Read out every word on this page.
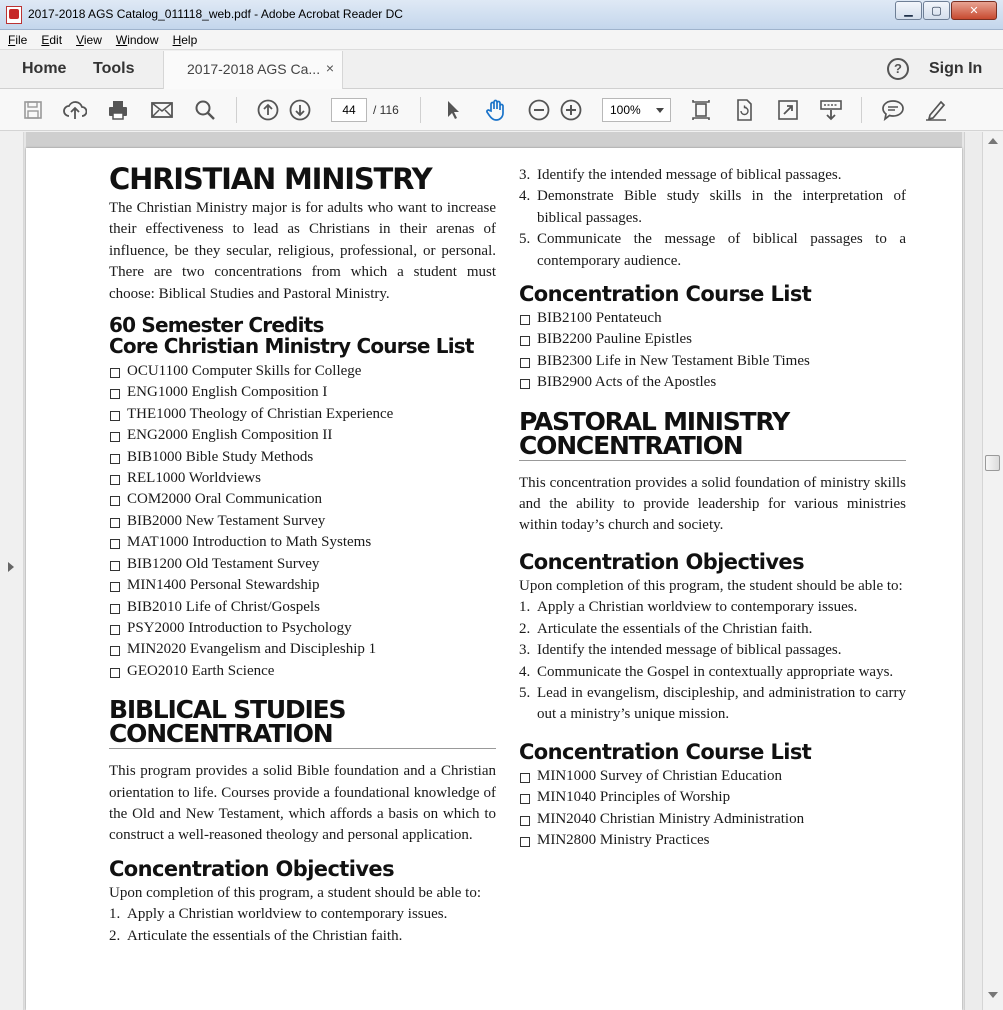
2017-2018 AGS Catalog_011118_web.pdf - Adobe Acrobat Reader DC	▁	▢	✕
File Edit View Window Help
Home Tools	2017-2018 AGS Ca... ×	?	Sign In
44	/ 116	100%
CHRISTIAN MINISTRY

The Christian Ministry major is for adults who want to increase their effectiveness to lead as Christians in their arenas of influence, be they secular, religious, professional, or personal. There are two concentrations from which a student must choose: Biblical Studies and Pastoral Ministry.

60 Semester Credits
Core Christian Ministry Course List
OCU1100 Computer Skills for College
ENG1000 English Composition I
THE1000 Theology of Christian Experience
ENG2000 English Composition II
BIB1000 Bible Study Methods
REL1000 Worldviews
COM2000 Oral Communication
BIB2000 New Testament Survey
MAT1000 Introduction to Math Systems
BIB1200 Old Testament Survey
MIN1400 Personal Stewardship
BIB2010 Life of Christ/Gospels
PSY2000 Introduction to Psychology
MIN2020 Evangelism and Discipleship 1
GEO2010 Earth Science
BIBLICAL STUDIES
CONCENTRATION

This program provides a solid Bible foundation and a Christian orientation to life. Courses provide a foundational knowledge of the Old and New Testament, which affords a basis on which to construct a well-reasoned theology and personal application.

Concentration Objectives

Upon completion of this program, a student should be able to:

1. Apply a Christian worldview to contemporary issues.
2. Articulate the essentials of the Christian faith.
3. Identify the intended message of biblical passages.
4. Demonstrate Bible study skills in the interpretation of biblical passages.
5. Communicate the message of biblical passages to a contemporary audience.
Concentration Course List
BIB2100 Pentateuch
BIB2200 Pauline Epistles
BIB2300 Life in New Testament Bible Times
BIB2900 Acts of the Apostles
PASTORAL MINISTRY
CONCENTRATION

This concentration provides a solid foundation of ministry skills and the ability to provide leadership for various ministries within today’s church and society.

Concentration Objectives

Upon completion of this program, the student should be able to:

1. Apply a Christian worldview to contemporary issues.
2. Articulate the essentials of the Christian faith.
3. Identify the intended message of biblical passages.
4. Communicate the Gospel in contextually appropriate ways.
5. Lead in evangelism, discipleship, and administration to carry out a ministry’s unique mission.
Concentration Course List
MIN1000 Survey of Christian Education
MIN1040 Principles of Worship
MIN2040 Christian Ministry Administration
MIN2800 Ministry Practices
